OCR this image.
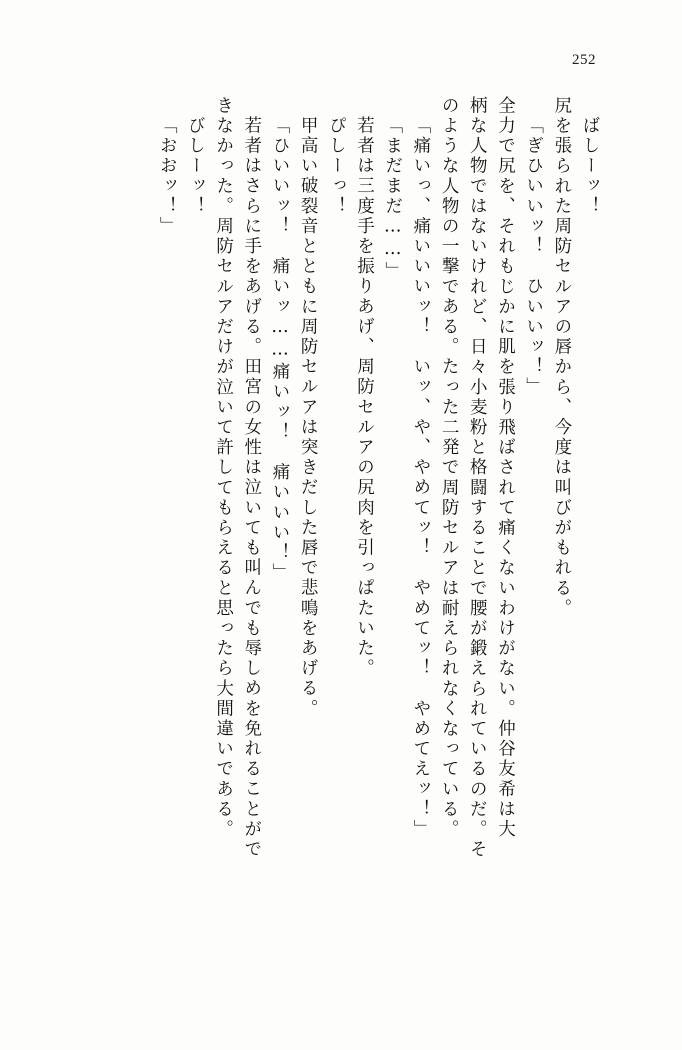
252
ばしーッ！
尻を張られた周防セルアの唇から、今度は叫びがもれる。
「ぎひいいッ！　ひいいッ！」
全力で尻を、それもじかに肌を張り飛ばされて痛くないわけがない。仲谷友希は大
柄な人物ではないけれど、日々小麦粉と格闘することで腰が鍛えられているのだ。そ
のような人物の一撃である。たった二発で周防セルアは耐えられなくなっている。
「痛いっ、痛いいいッ！　いッ、や、やめてッ！　やめてッ！　やめてえッ！」
「まだまだ……」
若者は三度手を振りあげ、周防セルアの尻肉を引っぱたいた。
ぴしーっ！
甲高い破裂音とともに周防セルアは突きだした唇で悲鳴をあげる。
「ひいいッ！　痛いッ……痛いッ！　痛いいい！」
若者はさらに手をあげる。田宮の女性は泣いても叫んでも辱しめを免れることがで
きなかった。周防セルアだけが泣いて許してもらえると思ったら大間違いである。
びしーッ！
「おおッ！」
